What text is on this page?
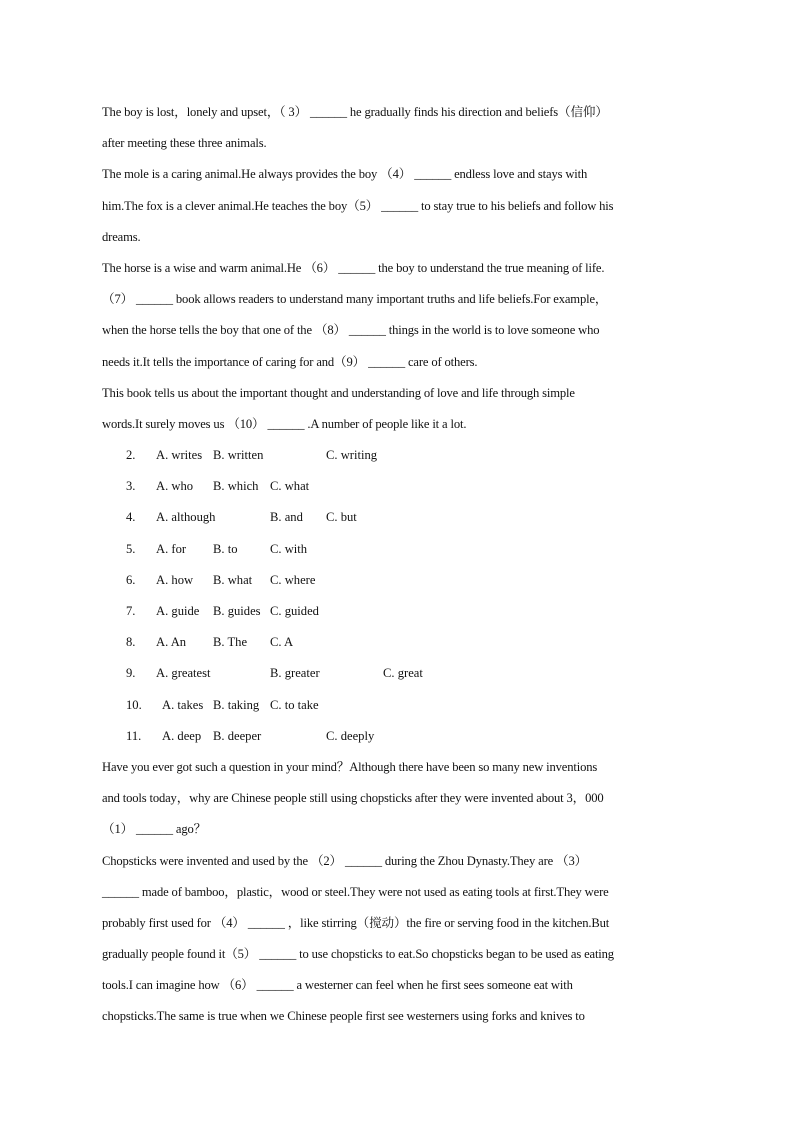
The boy is lost，lonely and upset，（ 3） ______ he gradually finds his direction and beliefs（信仰）
after meeting these three animals.
The mole is a caring animal.He always provides the boy （4） ______ endless love and stays with
him.The fox is a clever animal.He teaches the boy（5） ______ to stay true to his beliefs and follow his
dreams.
The horse is a wise and warm animal.He （6） ______ the boy to understand the true meaning of life.
（7） ______ book allows readers to understand many important truths and life beliefs.For example，
when the horse tells the boy that one of the （8） ______ things in the world is to love someone who
needs it.It tells the importance of caring for and（9） ______ care of others.
This book tells us about the important thought and understanding of love and life through simple
words.It surely moves us （10） ______ .A number of people like it a lot.
2. A. writes B. written	C. writing
3. A. who B. which C. what
4. A. although	B. and C. but
5. A. for B. to	C. with
6. A. how B. what C. where
7. A. guide B. guides C. guided
8. A. An B. The C. A
9. A. greatest	B. greater	C. great
10. A. takes B. taking C. to take
11. A. deep B. deeper	C. deeply
Have you ever got such a question in your mind？Although there have been so many new inventions
and tools today，why are Chinese people still using chopsticks after they were invented about 3，000
（1） ______ ago？
Chopsticks were invented and used by the （2） ______ during the Zhou Dynasty.They are （3）
______ made of bamboo，plastic，wood or steel.They were not used as eating tools at first.They were
probably first used for （4） ______ ，like stirring（搅动）the fire or serving food in the kitchen.But
gradually people found it（5） ______ to use chopsticks to eat.So chopsticks began to be used as eating
tools.I can imagine how （6） ______ a westerner can feel when he first sees someone eat with
chopsticks.The same is true when we Chinese people first see westerners using forks and knives to
